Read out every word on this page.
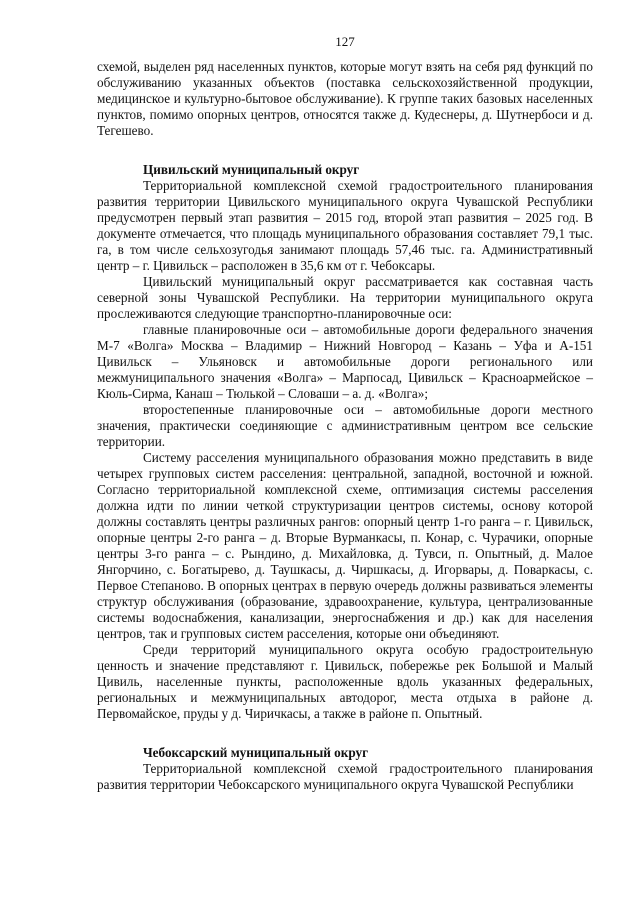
127

схемой, выделен ряд населенных пунктов, которые могут взять на себя ряд функций по обслуживанию указанных объектов (поставка сельскохозяйственной продукции, медицинское и культурно-бытовое обслуживание). К группе таких базовых населенных пунктов, помимо опорных центров, относятся также д. Кудеснеры, д. Шутнербоси и д. Тегешево.

Цивильский муниципальный округ

Территориальной комплексной схемой градостроительного планирования развития территории Цивильского муниципального округа Чувашской Республики предусмотрен первый этап развития – 2015 год, второй этап развития – 2025 год. В документе отмечается, что площадь муниципального образования составляет 79,1 тыс. га, в том числе сельхозугодья занимают площадь 57,46 тыс. га. Административный центр – г. Цивильск – расположен в 35,6 км от г. Чебоксары.

Цивильский муниципальный округ рассматривается как составная часть северной зоны Чувашской Республики. На территории муниципального округа прослеживаются следующие транспортно-планировочные оси:

главные планировочные оси – автомобильные дороги федерального значения М-7 «Волга» Москва – Владимир – Нижний Новгород – Казань – Уфа и А-151 Цивильск – Ульяновск и автомобильные дороги регионального или межмуниципального значения «Волга» – Марпосад, Цивильск – Красноармейское – Кюль-Сирма, Канаш – Тюлькой – Словаши – а. д. «Волга»;

второстепенные планировочные оси – автомобильные дороги местного значения, практически соединяющие с административным центром все сельские территории.

Систему расселения муниципального образования можно представить в виде четырех групповых систем расселения: центральной, западной, восточной и южной. Согласно территориальной комплексной схеме, оптимизация системы расселения должна идти по линии четкой структуризации центров системы, основу которой должны составлять центры различных рангов: опорный центр 1-го ранга – г. Цивильск, опорные центры 2-го ранга – д. Вторые Вурманкасы, п. Конар, с. Чурачики, опорные центры 3-го ранга – с. Рындино, д. Михайловка, д. Тувси, п. Опытный, д. Малое Янгорчино, с. Богатырево, д. Таушкасы, д. Чиршкасы, д. Игорвары, д. Поваркасы, с. Первое Степаново. В опорных центрах в первую очередь должны развиваться элементы структур обслуживания (образование, здравоохранение, культура, централизованные системы водоснабжения, канализации, энергоснабжения и др.) как для населения центров, так и групповых систем расселения, которые они объединяют.

Среди территорий муниципального округа особую градостроительную ценность и значение представляют г. Цивильск, побережье рек Большой и Малый Цивиль, населенные пункты, расположенные вдоль указанных федеральных, региональных и межмуниципальных автодорог, места отдыха в районе д. Первомайское, пруды у д. Чиричкасы, а также в районе п. Опытный.

Чебоксарский муниципальный округ

Территориальной комплексной схемой градостроительного планирования развития территории Чебоксарского муниципального округа Чувашской Республики
